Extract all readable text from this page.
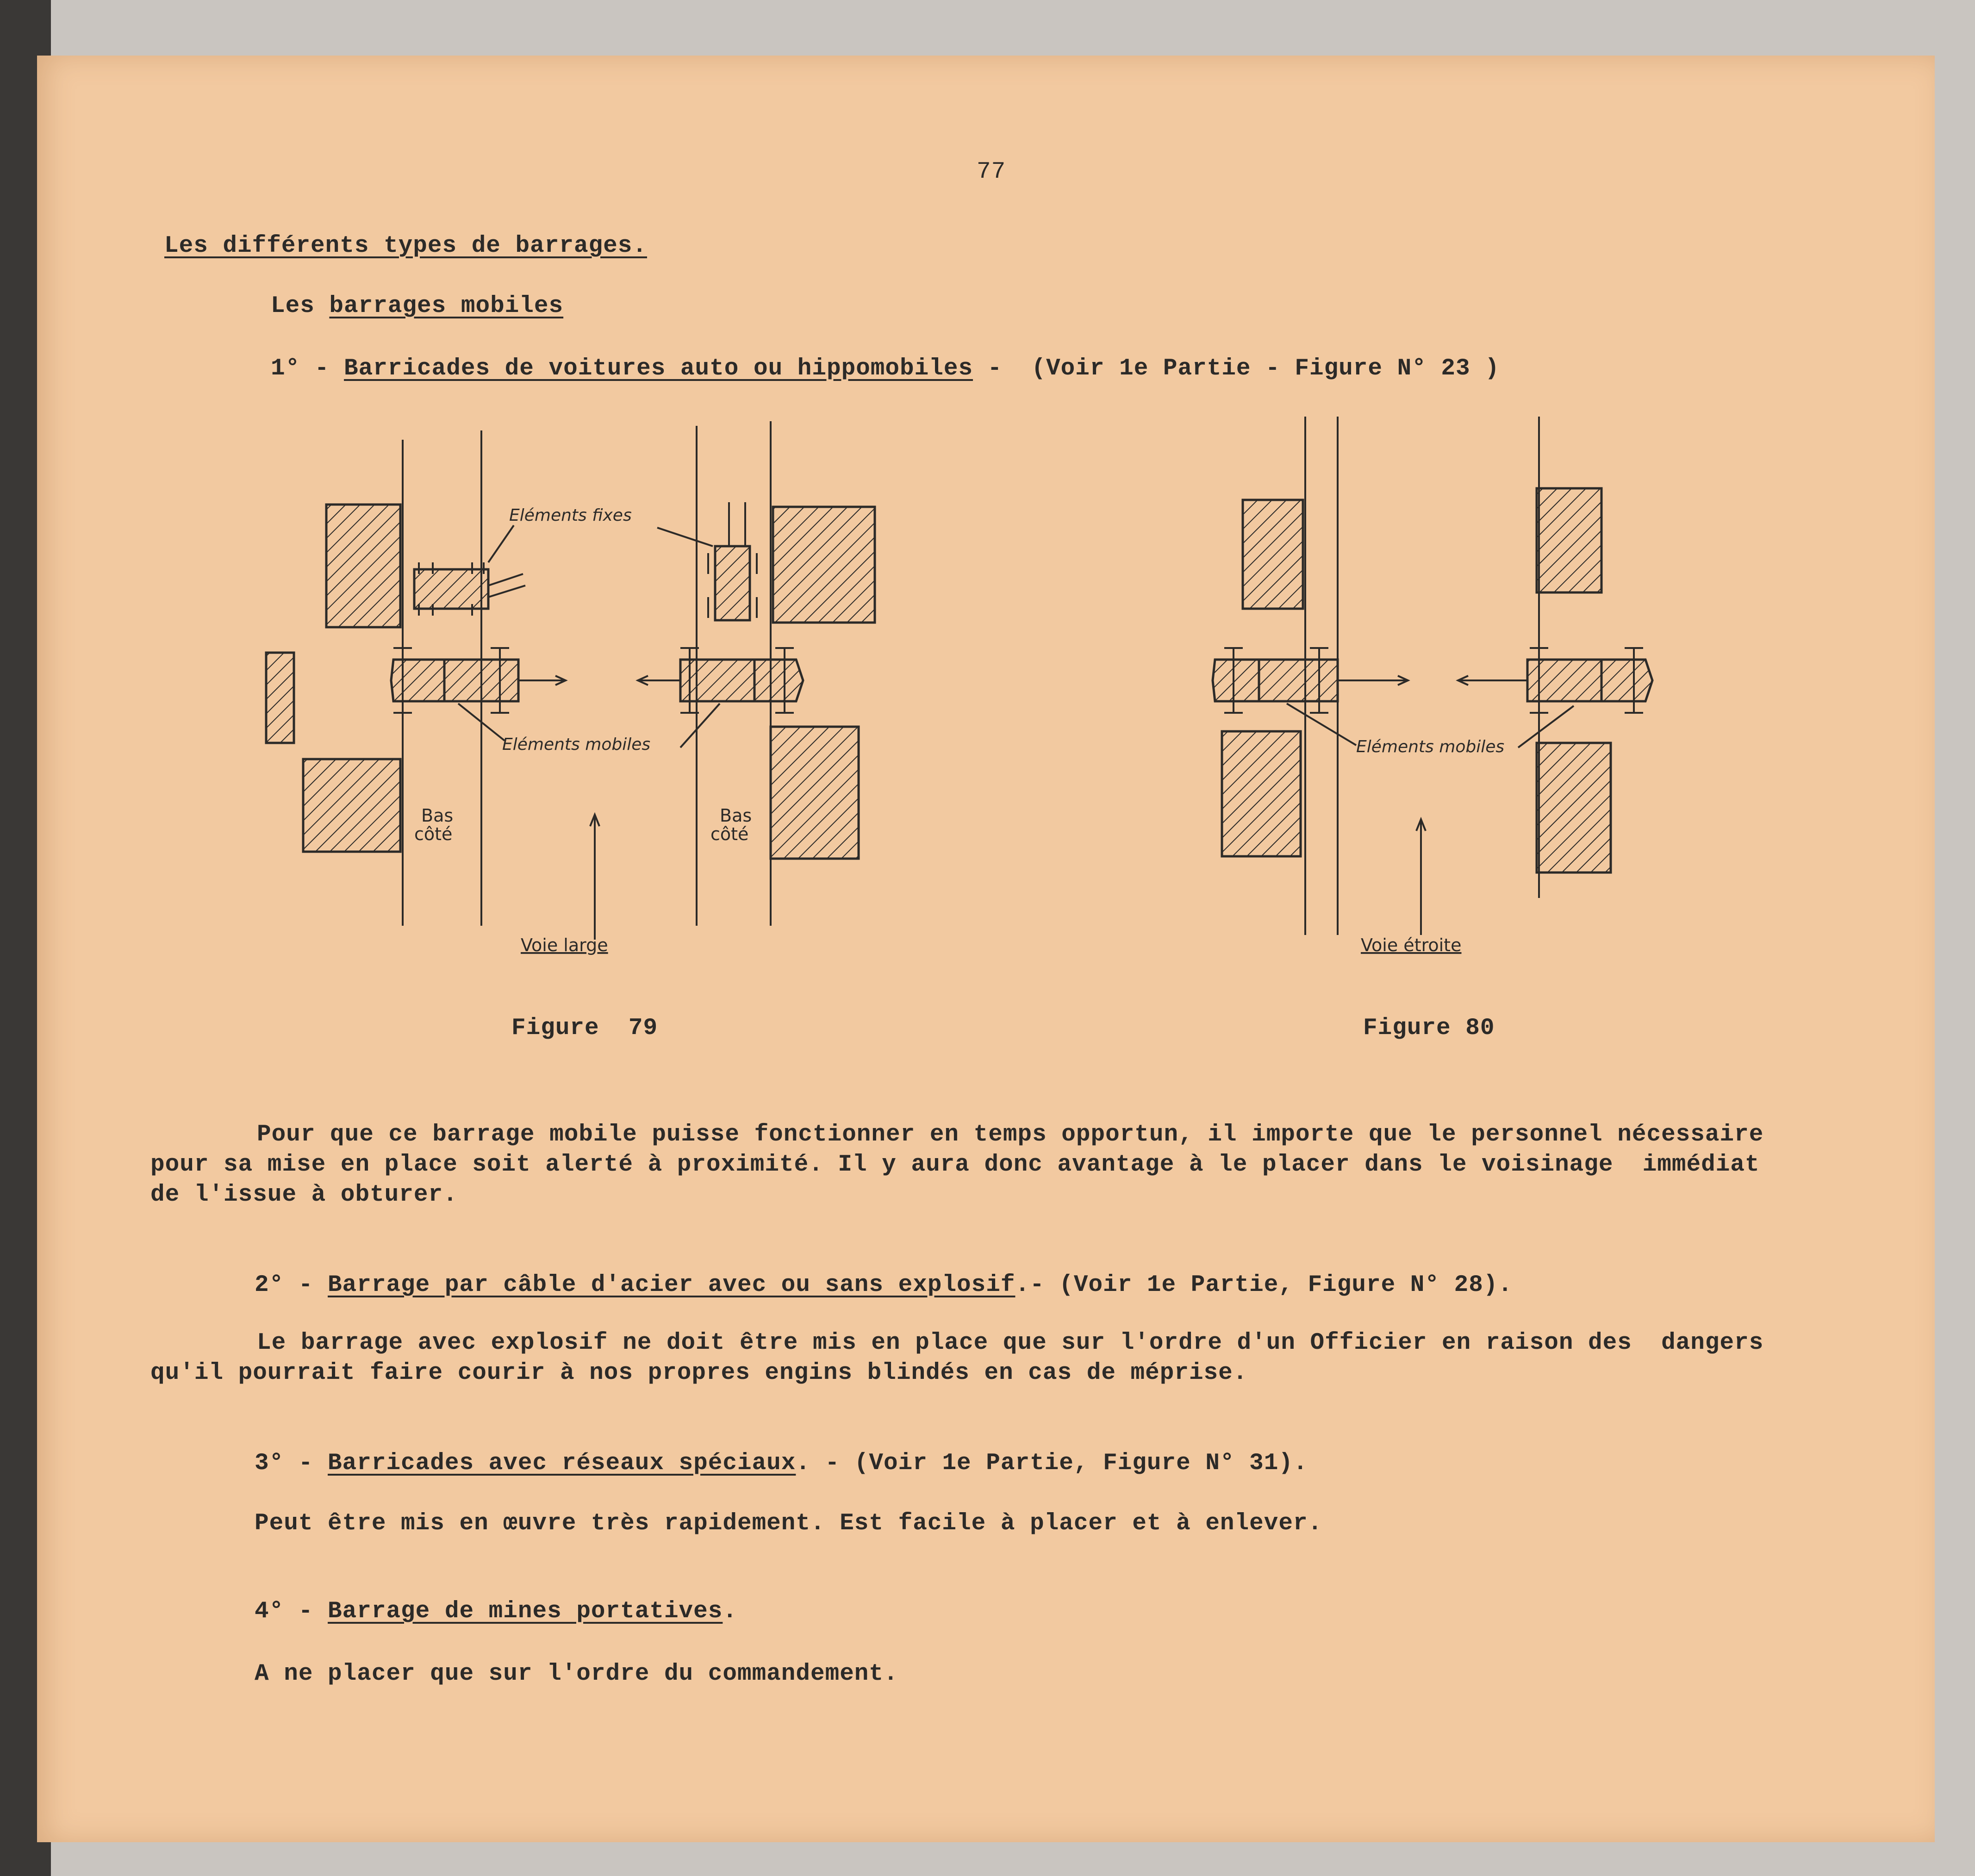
77
Les différents types de barrages.
Les barrages mobiles
1° - Barricades de voitures auto ou hippomobiles -  (Voir 1e Partie - Figure N° 23 )
Eléments fixes
Eléments mobiles
Bas
côté
Bas
côté
Voie large
Eléments mobiles
Voie étroite
Figure  79	Figure 80
Pour que ce barrage mobile puisse fonctionner en temps opportun, il importe que le personnel nécessaire
pour sa mise en place soit alerté à proximité. Il y aura donc avantage à le placer dans le voisinage  immédiat
de l'issue à obturer.
2° - Barrage par câble d'acier avec ou sans explosif.- (Voir 1e Partie, Figure N° 28).
Le barrage avec explosif ne doit être mis en place que sur l'ordre d'un Officier en raison des  dangers
qu'il pourrait faire courir à nos propres engins blindés en cas de méprise.
3° - Barricades avec réseaux spéciaux. - (Voir 1e Partie, Figure N° 31).
Peut être mis en œuvre très rapidement. Est facile à placer et à enlever.
4° - Barrage de mines portatives.
A ne placer que sur l'ordre du commandement.
